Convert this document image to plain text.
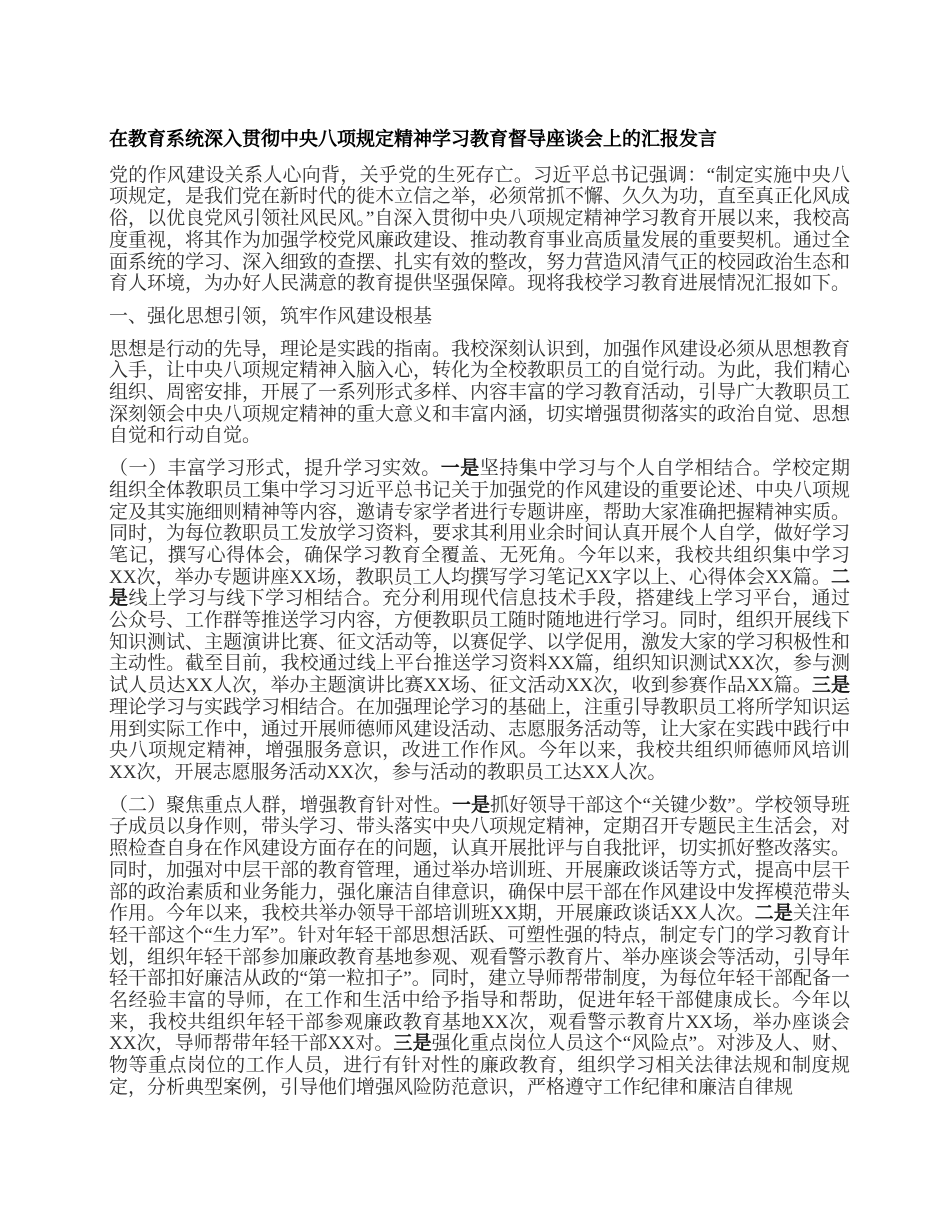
在教育系统深入贯彻中央八项规定精神学习教育督导座谈会上的汇报发言

党的作风建设关系人心向背，关乎党的生死存亡。习近平总书记强调：“制定实施中央八项规定，是我们党在新时代的徙木立信之举，必须常抓不懈、久久为功，直至真正化风成俗，以优良党风引领社风民风。”自深入贯彻中央八项规定精神学习教育开展以来，我校高度重视，将其作为加强学校党风廉政建设、推动教育事业高质量发展的重要契机。通过全面系统的学习、深入细致的查摆、扎实有效的整改，努力营造风清气正的校园政治生态和育人环境，为办好人民满意的教育提供坚强保障。现将我校学习教育进展情况汇报如下。

一、强化思想引领，筑牢作风建设根基

思想是行动的先导，理论是实践的指南。我校深刻认识到，加强作风建设必须从思想教育入手，让中央八项规定精神入脑入心，转化为全校教职员工的自觉行动。为此，我们精心组织、周密安排，开展了一系列形式多样、内容丰富的学习教育活动，引导广大教职员工深刻领会中央八项规定精神的重大意义和丰富内涵，切实增强贯彻落实的政治自觉、思想自觉和行动自觉。

（一）丰富学习形式，提升学习实效。一是坚持集中学习与个人自学相结合。学校定期组织全体教职员工集中学习习近平总书记关于加强党的作风建设的重要论述、中央八项规定及其实施细则精神等内容，邀请专家学者进行专题讲座，帮助大家准确把握精神实质。同时，为每位教职员工发放学习资料，要求其利用业余时间认真开展个人自学，做好学习笔记，撰写心得体会，确保学习教育全覆盖、无死角。今年以来，我校共组织集中学习XX次，举办专题讲座XX场，教职员工人均撰写学习笔记XX字以上、心得体会XX篇。二是线上学习与线下学习相结合。充分利用现代信息技术手段，搭建线上学习平台，通过公众号、工作群等推送学习内容，方便教职员工随时随地进行学习。同时，组织开展线下知识测试、主题演讲比赛、征文活动等，以赛促学、以学促用，激发大家的学习积极性和主动性。截至目前，我校通过线上平台推送学习资料XX篇，组织知识测试XX次，参与测试人员达XX人次，举办主题演讲比赛XX场、征文活动XX次，收到参赛作品XX篇。三是理论学习与实践学习相结合。在加强理论学习的基础上，注重引导教职员工将所学知识运用到实际工作中，通过开展师德师风建设活动、志愿服务活动等，让大家在实践中践行中央八项规定精神，增强服务意识，改进工作作风。今年以来，我校共组织师德师风培训XX次，开展志愿服务活动XX次，参与活动的教职员工达XX人次。

（二）聚焦重点人群，增强教育针对性。一是抓好领导干部这个“关键少数”。学校领导班子成员以身作则，带头学习、带头落实中央八项规定精神，定期召开专题民主生活会，对照检查自身在作风建设方面存在的问题，认真开展批评与自我批评，切实抓好整改落实。同时，加强对中层干部的教育管理，通过举办培训班、开展廉政谈话等方式，提高中层干部的政治素质和业务能力，强化廉洁自律意识，确保中层干部在作风建设中发挥模范带头作用。今年以来，我校共举办领导干部培训班XX期，开展廉政谈话XX人次。二是关注年轻干部这个“生力军”。针对年轻干部思想活跃、可塑性强的特点，制定专门的学习教育计划，组织年轻干部参加廉政教育基地参观、观看警示教育片、举办座谈会等活动，引导年轻干部扣好廉洁从政的“第一粒扣子”。同时，建立导师帮带制度，为每位年轻干部配备一名经验丰富的导师，在工作和生活中给予指导和帮助，促进年轻干部健康成长。今年以来，我校共组织年轻干部参观廉政教育基地XX次，观看警示教育片XX场，举办座谈会XX次，导师帮带年轻干部XX对。三是强化重点岗位人员这个“风险点”。对涉及人、财、物等重点岗位的工作人员，进行有针对性的廉政教育，组织学习相关法律法规和制度规定，分析典型案例，引导他们增强风险防范意识，严格遵守工作纪律和廉洁自律规
